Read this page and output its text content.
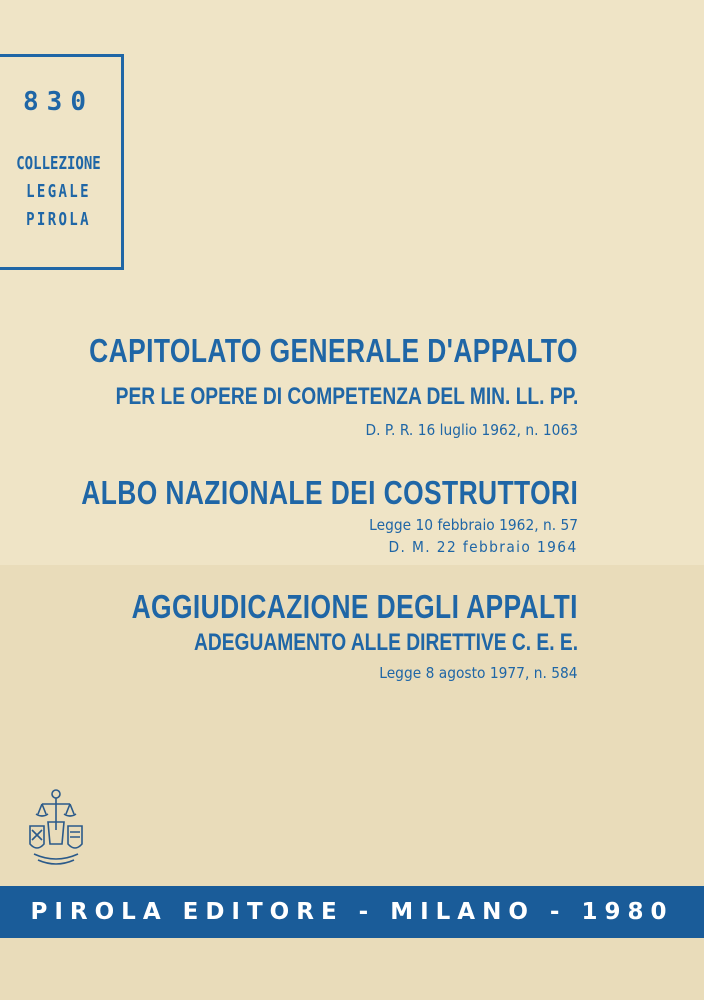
830
COLLEZIONE
LEGALE
PIROLA
CAPITOLATO GENERALE D'APPALTO
PER LE OPERE DI COMPETENZA DEL MIN. LL. PP.
D. P. R. 16 luglio 1962, n. 1063
ALBO NAZIONALE DEI COSTRUTTORI
Legge 10 febbraio 1962, n. 57
D. M. 22 febbraio 1964
AGGIUDICAZIONE DEGLI APPALTI
ADEGUAMENTO ALLE DIRETTIVE C. E. E.
Legge 8 agosto 1977, n. 584
PIROLA EDITORE - MILANO - 1980
